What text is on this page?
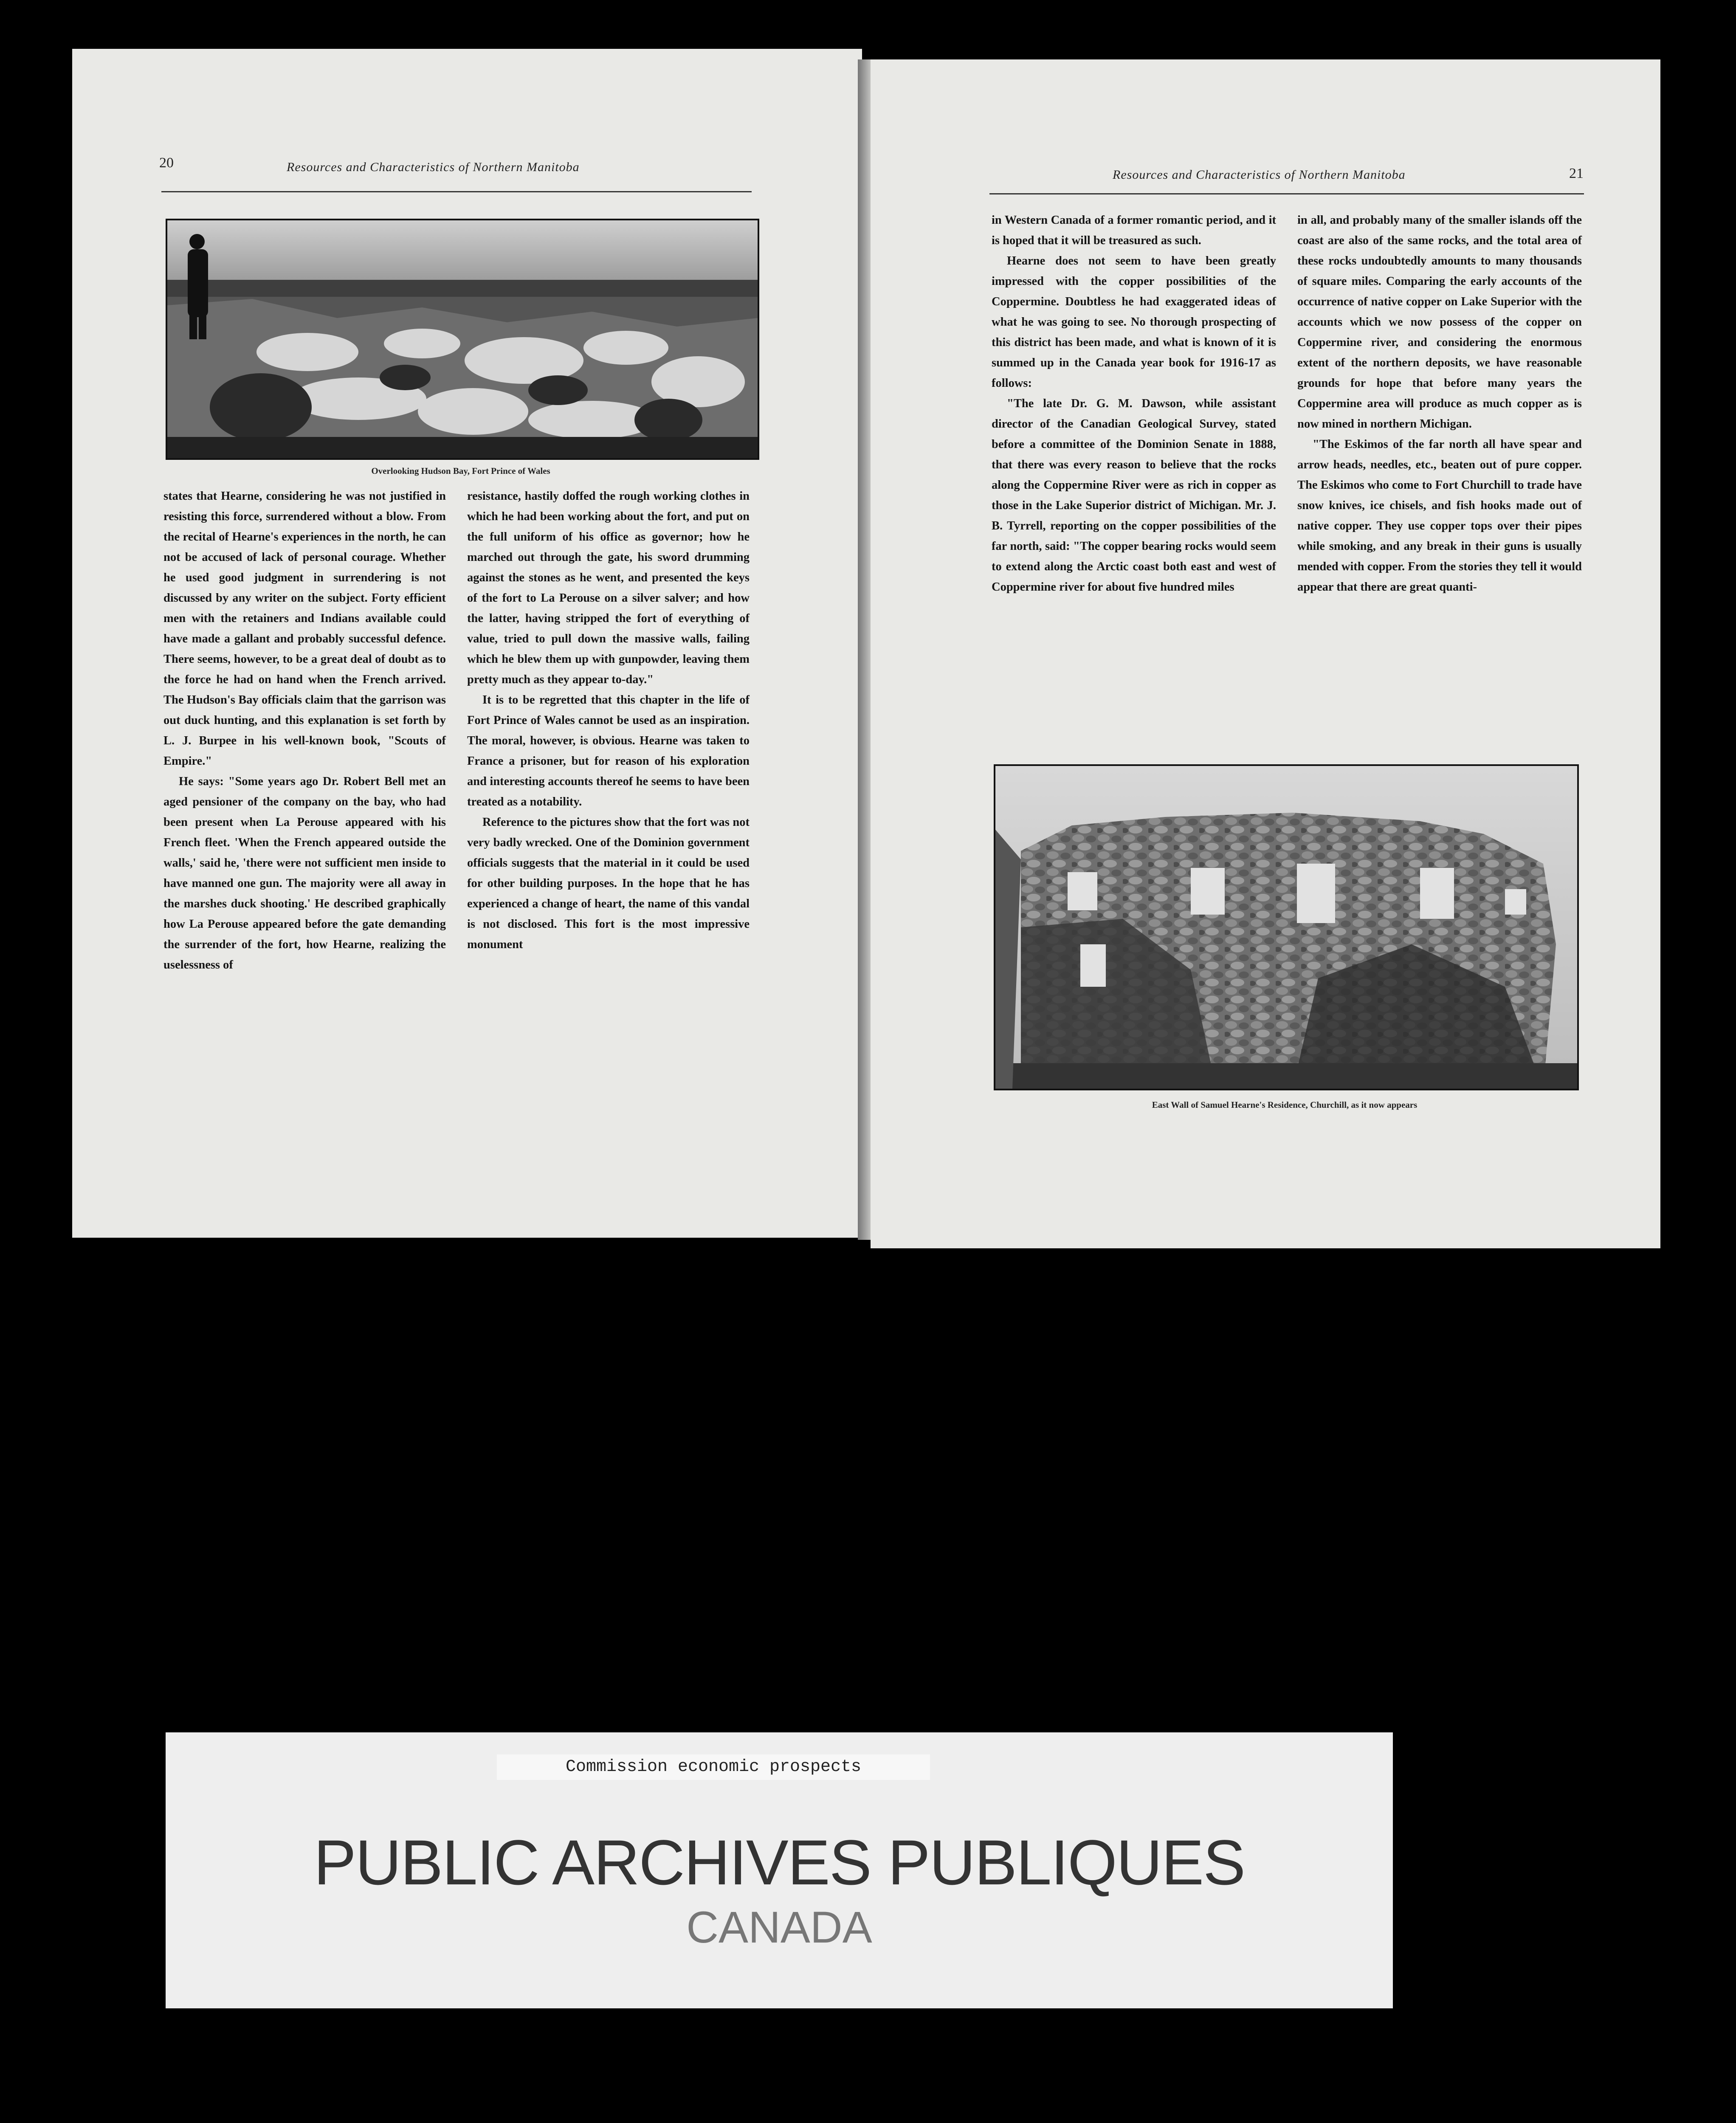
20	Resources and Characteristics of Northern Manitoba
Overlooking Hudson Bay, Fort Prince of Wales

states that Hearne, considering he was not justified in resisting this force, surrendered without a blow. From the recital of Hearne's experiences in the north, he can not be accused of lack of personal courage. Whether he used good judgment in surrendering is not discussed by any writer on the subject. Forty efficient men with the retainers and Indians available could have made a gallant and probably successful defence. There seems, however, to be a great deal of doubt as to the force he had on hand when the French arrived. The Hudson's Bay officials claim that the garrison was out duck hunting, and this explanation is set forth by L. J. Burpee in his well-known book, "Scouts of Empire."

He says: "Some years ago Dr. Robert Bell met an aged pensioner of the company on the bay, who had been present when La Perouse appeared with his French fleet. 'When the French appeared outside the walls,' said he, 'there were not sufficient men inside to have manned one gun. The majority were all away in the marshes duck shooting.' He described graphically how La Perouse appeared before the gate demanding the surrender of the fort, how Hearne, realizing the uselessness of

resistance, hastily doffed the rough working clothes in which he had been working about the fort, and put on the full uniform of his office as governor; how he marched out through the gate, his sword drumming against the stones as he went, and presented the keys of the fort to La Perouse on a silver salver; and how the latter, having stripped the fort of everything of value, tried to pull down the massive walls, failing which he blew them up with gunpowder, leaving them pretty much as they appear to-day."

It is to be regretted that this chapter in the life of Fort Prince of Wales cannot be used as an inspiration. The moral, however, is obvious. Hearne was taken to France a prisoner, but for reason of his exploration and interesting accounts thereof he seems to have been treated as a notability.

Reference to the pictures show that the fort was not very badly wrecked. One of the Dominion government officials suggests that the material in it could be used for other building purposes. In the hope that he has experienced a change of heart, the name of this vandal is not disclosed. This fort is the most impressive monument

Resources and Characteristics of Northern Manitoba	21

in Western Canada of a former romantic period, and it is hoped that it will be treasured as such.

Hearne does not seem to have been greatly impressed with the copper possibilities of the Coppermine. Doubtless he had exaggerated ideas of what he was going to see. No thorough prospecting of this district has been made, and what is known of it is summed up in the Canada year book for 1916-17 as follows:

"The late Dr. G. M. Dawson, while assistant director of the Canadian Geological Survey, stated before a committee of the Dominion Senate in 1888, that there was every reason to believe that the rocks along the Coppermine River were as rich in copper as those in the Lake Superior district of Michigan. Mr. J. B. Tyrrell, reporting on the copper possibilities of the far north, said: "The copper bearing rocks would seem to extend along the Arctic coast both east and west of Coppermine river for about five hundred miles

in all, and probably many of the smaller islands off the coast are also of the same rocks, and the total area of these rocks undoubtedly amounts to many thousands of square miles. Comparing the early accounts of the occurrence of native copper on Lake Superior with the accounts which we now possess of the copper on Coppermine river, and considering the enormous extent of the northern deposits, we have reasonable grounds for hope that before many years the Coppermine area will produce as much copper as is now mined in northern Michigan.

"The Eskimos of the far north all have spear and arrow heads, needles, etc., beaten out of pure copper. The Eskimos who come to Fort Churchill to trade have snow knives, ice chisels, and fish hooks made out of native copper. They use copper tops over their pipes while smoking, and any break in their guns is usually mended with copper. From the stories they tell it would appear that there are great quanti-

East Wall of Samuel Hearne's Residence, Churchill, as it now appears
Commission economic prospects
PUBLIC ARCHIVES PUBLIQUES
CANADA
